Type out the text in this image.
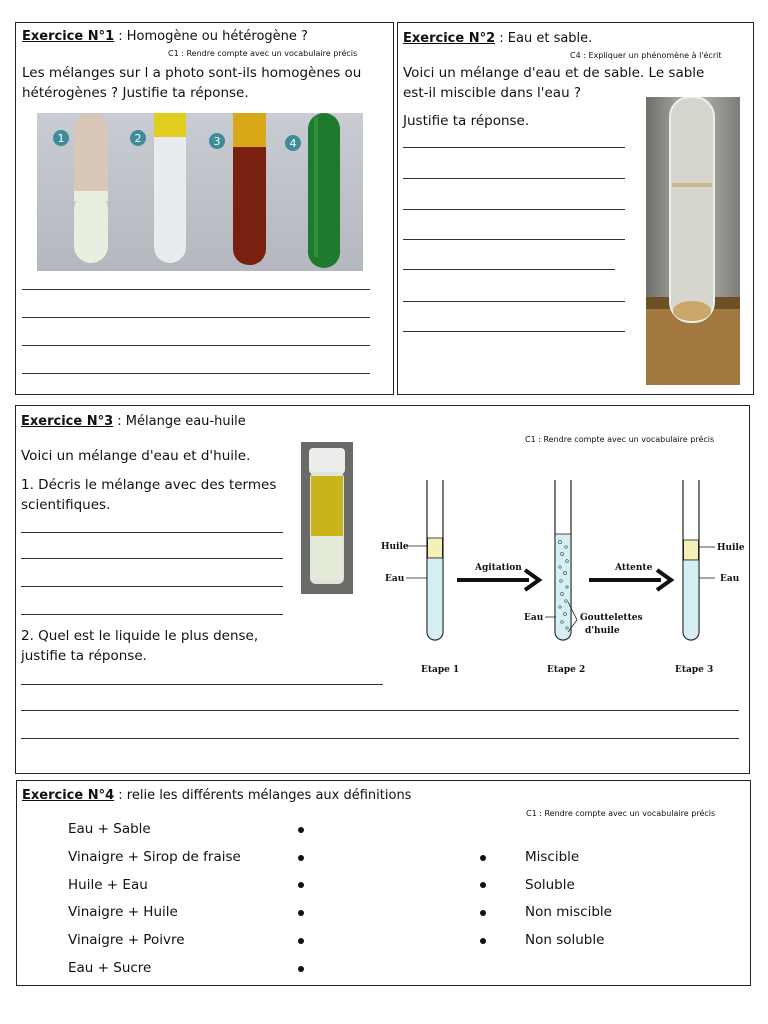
Exercice N°1 : Homogène ou hétérogène ?
C1 : Rendre compte avec un vocabulaire précis
Les mélanges sur l a photo sont-ils homogènes ou
hétérogènes ? Justifie ta réponse.
1	2	3	4
Exercice N°2 : Eau et sable.
C4 : Expliquer un phénomène à l'écrit
Voici un mélange d'eau et de sable. Le sable
est-il miscible dans l'eau ?
Justifie ta réponse.
Exercice N°3 : Mélange eau-huile
C1 : Rendre compte avec un vocabulaire précis
Voici un mélange d'eau et d'huile.
1. Décris le mélange avec des termes
scientifiques.
2. Quel est le liquide le plus dense,
justifie ta réponse.
Huile
Eau
Etape 1
Agitation
Eau	Gouttelettes
d'huile
Etape 2
Attente
Huile
Eau
Etape 3
Exercice N°4 : relie les différents mélanges aux définitions
C1 : Rendre compte avec un vocabulaire précis
Eau + Sable
Vinaigre + Sirop de fraise
Huile + Eau
Vinaigre + Huile
Vinaigre + Poivre
Eau + Sucre
Miscible
Soluble
Non miscible
Non soluble
